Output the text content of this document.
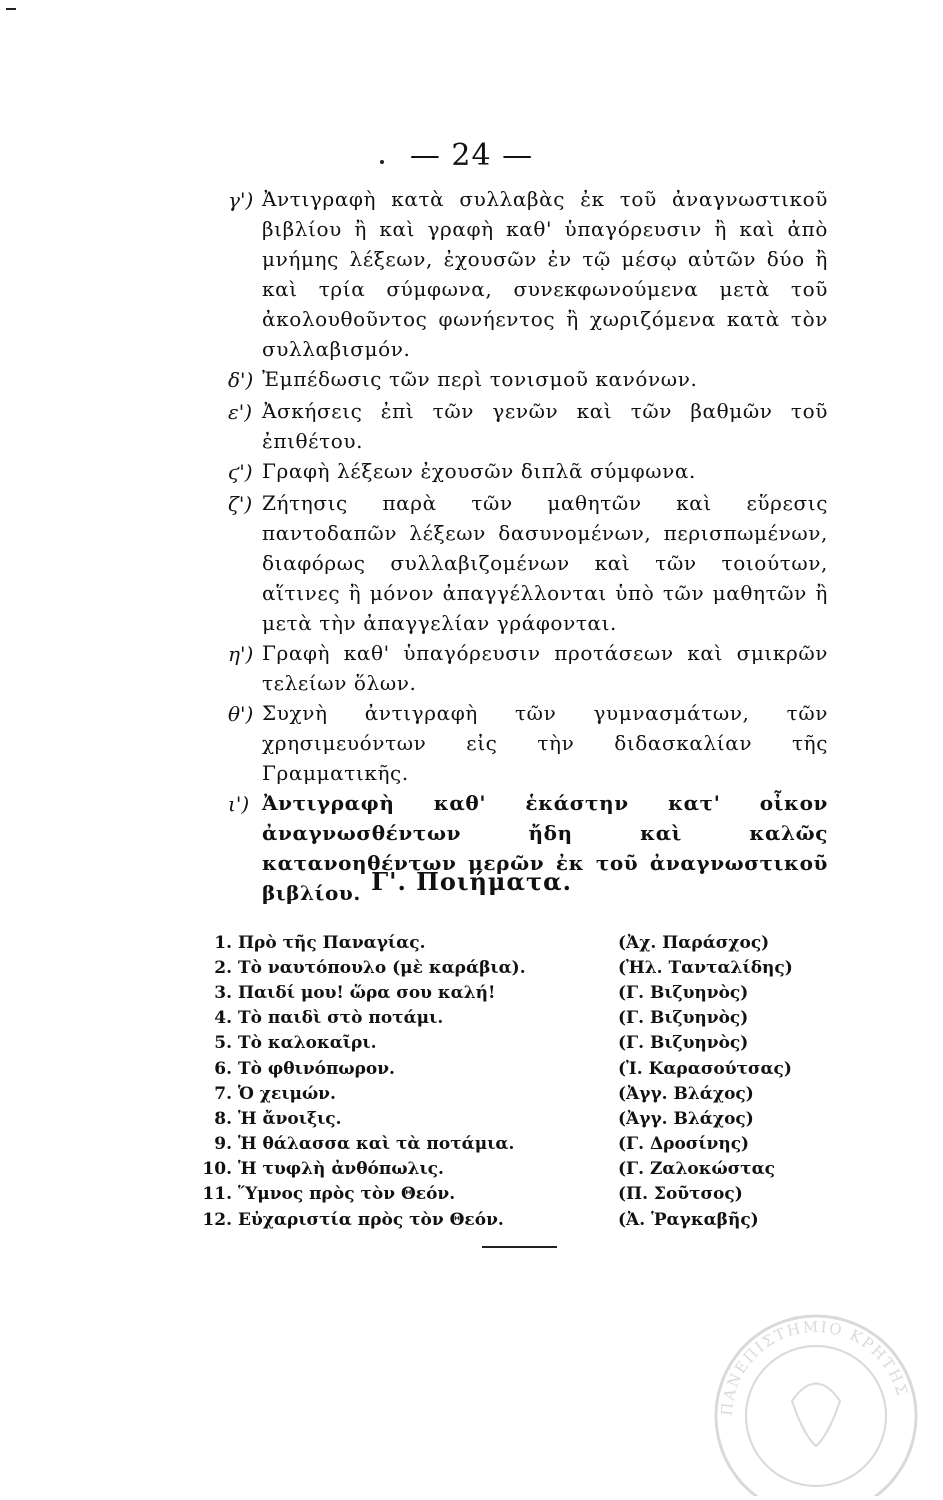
— 24 —
γ') Ἀντιγραφὴ κατὰ συλλαβὰς ἐκ τοῦ ἀναγνωστικοῦ βιβλίου ἢ καὶ γραφὴ καθ' ὑπαγόρευσιν ἢ καὶ ἀπὸ μνήμης λέξεων, ἐχουσῶν ἐν τῷ μέσῳ αὐτῶν δύο ἢ καὶ τρία σύμφωνα, συνεκφωνούμενα μετὰ τοῦ ἀκολουθοῦντος φωνήεντος ἢ χωριζόμενα κατὰ τὸν συλλαβισμόν.
δ') Ἐμπέδωσις τῶν περὶ τονισμοῦ κανόνων.
ε') Ἀσκήσεις ἐπὶ τῶν γενῶν καὶ τῶν βαθμῶν τοῦ ἐπιθέτου.
ϛ') Γραφὴ λέξεων ἐχουσῶν διπλᾶ σύμφωνα.
ζ') Ζήτησις παρὰ τῶν μαθητῶν καὶ εὕρεσις παντοδαπῶν λέξεων δασυνομένων, περισπωμένων, διαφόρως συλλαβιζομένων καὶ τῶν τοιούτων, αἵτινες ἢ μόνον ἀπαγγέλλονται ὑπὸ τῶν μαθητῶν ἢ μετὰ τὴν ἀπαγγελίαν γράφονται.
η') Γραφὴ καθ' ὑπαγόρευσιν προτάσεων καὶ σμικρῶν τελείων ὅλων.
θ') Συχνὴ ἀντιγραφὴ τῶν γυμνασμάτων, τῶν χρησιμευόντων εἰς τὴν διδασκαλίαν τῆς Γραμματικῆς.
ι') Ἀντιγραφὴ καθ' ἑκάστην κατ' οἶκον ἀναγνωσθέντων ἤδη καὶ καλῶς κατανοηθέντων μερῶν ἐκ τοῦ ἀναγνωστικοῦ βιβλίου. Γ'. Ποιήματα.
1. Πρὸ τῆς Παναγίας.	(Ἀχ. Παράσχος)
2. Τὸ ναυτόπουλο (μὲ καράβια).	(Ἠλ. Τανταλίδης)
3. Παιδί μου! ὥρα σου καλή!	(Γ. Βιζυηνὸς)
4. Τὸ παιδὶ στὸ ποτάμι.	(Γ. Βιζυηνὸς)
5. Τὸ καλοκαῖρι.	(Γ. Βιζυηνὸς)
6. Τὸ φθινόπωρον.	(Ἰ. Καρασούτσας)
7. Ὁ χειμών.	(Ἀγγ. Βλάχος)
8. Ἡ ἄνοιξις.	(Ἀγγ. Βλάχος)
9. Ἡ θάλασσα καὶ τὰ ποτάμια.	(Γ. Δροσίνης)
10. Ἡ τυφλὴ ἀνθόπωλις.	(Γ. Ζαλοκώστας
11. Ὕμνος πρὸς τὸν Θεόν.	(Π. Σοῦτσος)
12. Εὐχαριστία πρὸς τὸν Θεόν.	(Ἀ. Ῥαγκαβῆς)
ΠΑΝΕΠΙΣΤΗΜΙΟ ΚΡΗΤΗΣ
